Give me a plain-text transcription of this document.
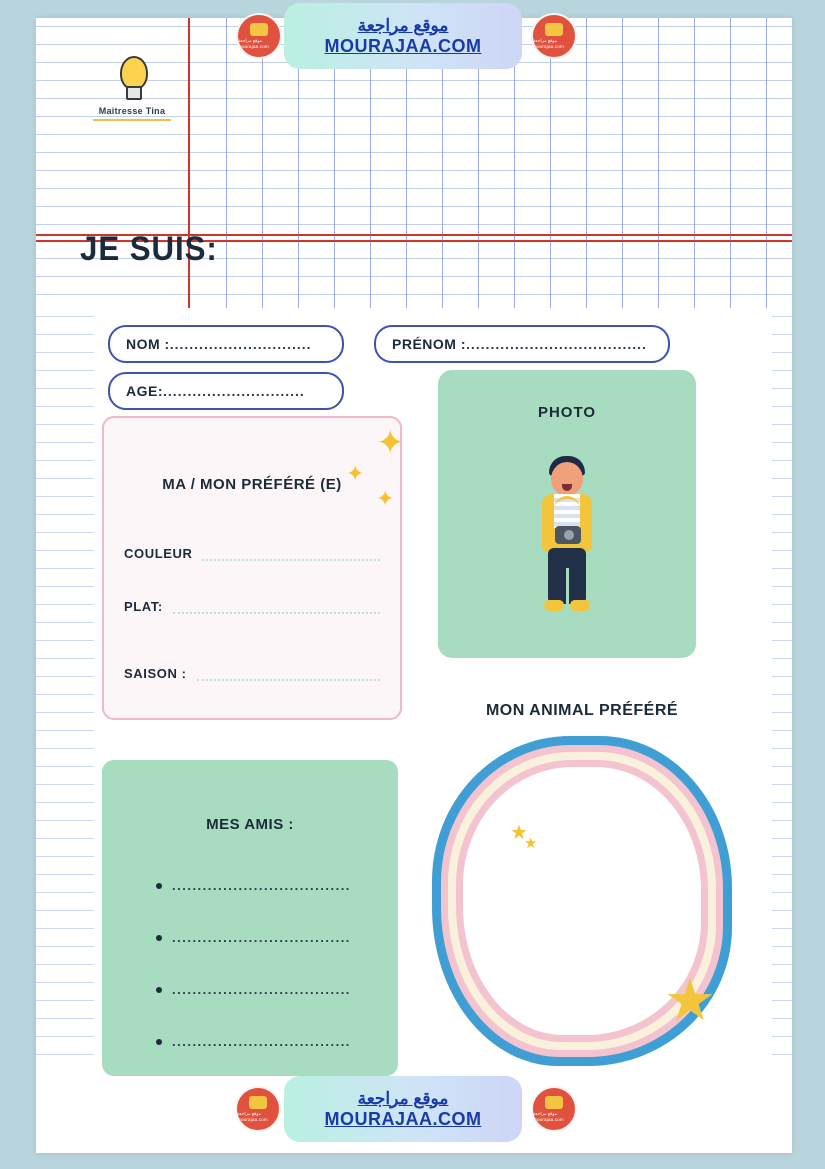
Maitresse Tina
JE SUIS:
NOM : .............................	PRÉNOM : .....................................
AGE: .............................
MA / MON PRÉFÉRÉ (E)
COULEUR
PLAT:
SAISON :
✦
✦
✦
PHOTO
MON ANIMAL PRÉFÉRÉ
★
★
★
MES AMIS :
...................................
...................................
...................................
...................................
موقع مراجعة
MOURAJAA.COM
موقع مراجعة
MOURAJAA.COM
موقع مراجعة mourajaa.com
موقع مراجعة mourajaa.com
موقع مراجعة mourajaa.com
موقع مراجعة mourajaa.com
